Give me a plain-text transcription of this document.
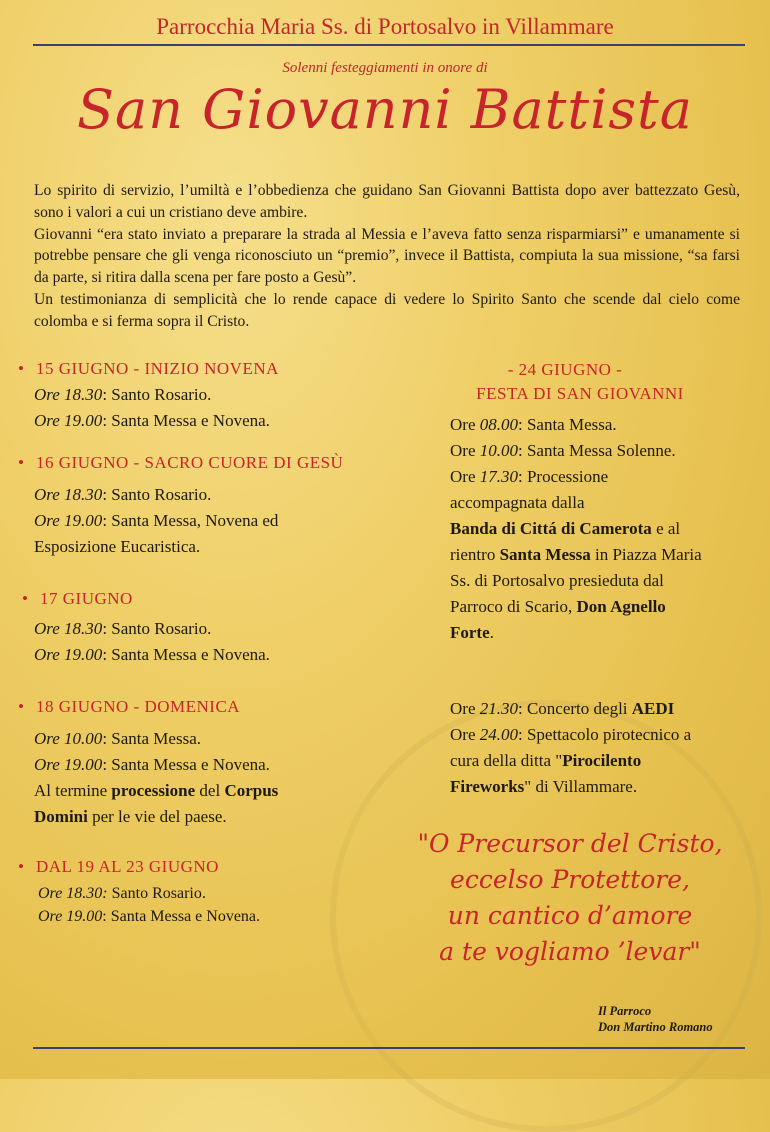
Parrocchia Maria Ss. di Portosalvo in Villammare
Solenni festeggiamenti in onore di
San Giovanni Battista

Lo spirito di servizio, l’umiltà e l’obbedienza che guidano San Giovanni Battista dopo aver battezzato Gesù, sono i valori a cui un cristiano deve ambire.

Giovanni “era stato inviato a preparare la strada al Messia e l’aveva fatto senza risparmiarsi” e umanamente si potrebbe pensare che gli venga riconosciuto un “premio”, invece il Battista, compiuta la sua missione, “sa farsi da parte, si ritira dalla scena per fare posto a Gesù”.

Un testimonianza di semplicità che lo rende capace di vedere lo Spirito Santo che scende dal cielo come colomba e si ferma sopra il Cristo.

• 15 GIUGNO - INIZIO NOVENA
Ore 18.30: Santo Rosario.
Ore 19.00: Santa Messa e Novena.
• 16 GIUGNO - SACRO CUORE DI GESÙ
Ore 18.30: Santo Rosario.
Ore 19.00: Santa Messa, Novena ed
Esposizione Eucaristica.
• 17 GIUGNO
Ore 18.30: Santo Rosario.
Ore 19.00: Santa Messa e Novena.
• 18 GIUGNO - DOMENICA
Ore 10.00: Santa Messa.
Ore 19.00: Santa Messa e Novena.
Al termine processione del Corpus
Domini per le vie del paese.
• DAL 19 AL 23 GIUGNO
Ore 18.30: Santo Rosario.
Ore 19.00: Santa Messa e Novena.
- 24 GIUGNO -
FESTA DI SAN GIOVANNI
Ore 08.00: Santa Messa.
Ore 10.00: Santa Messa Solenne.
Ore 17.30: Processione
accompagnata dalla
Banda di Cittá di Camerota e al
rientro Santa Messa in Piazza Maria
Ss. di Portosalvo presieduta dal
Parroco di Scario, Don Agnello
Forte.
Ore 21.30: Concerto degli AEDI
Ore 24.00: Spettacolo pirotecnico a
cura della ditta "Pirocilento
Fireworks" di Villammare.
"O Precursor del Cristo,
eccelso Protettore,
un cantico d’amore
a te vogliamo ’levar"
Il Parroco
Don Martino Romano
